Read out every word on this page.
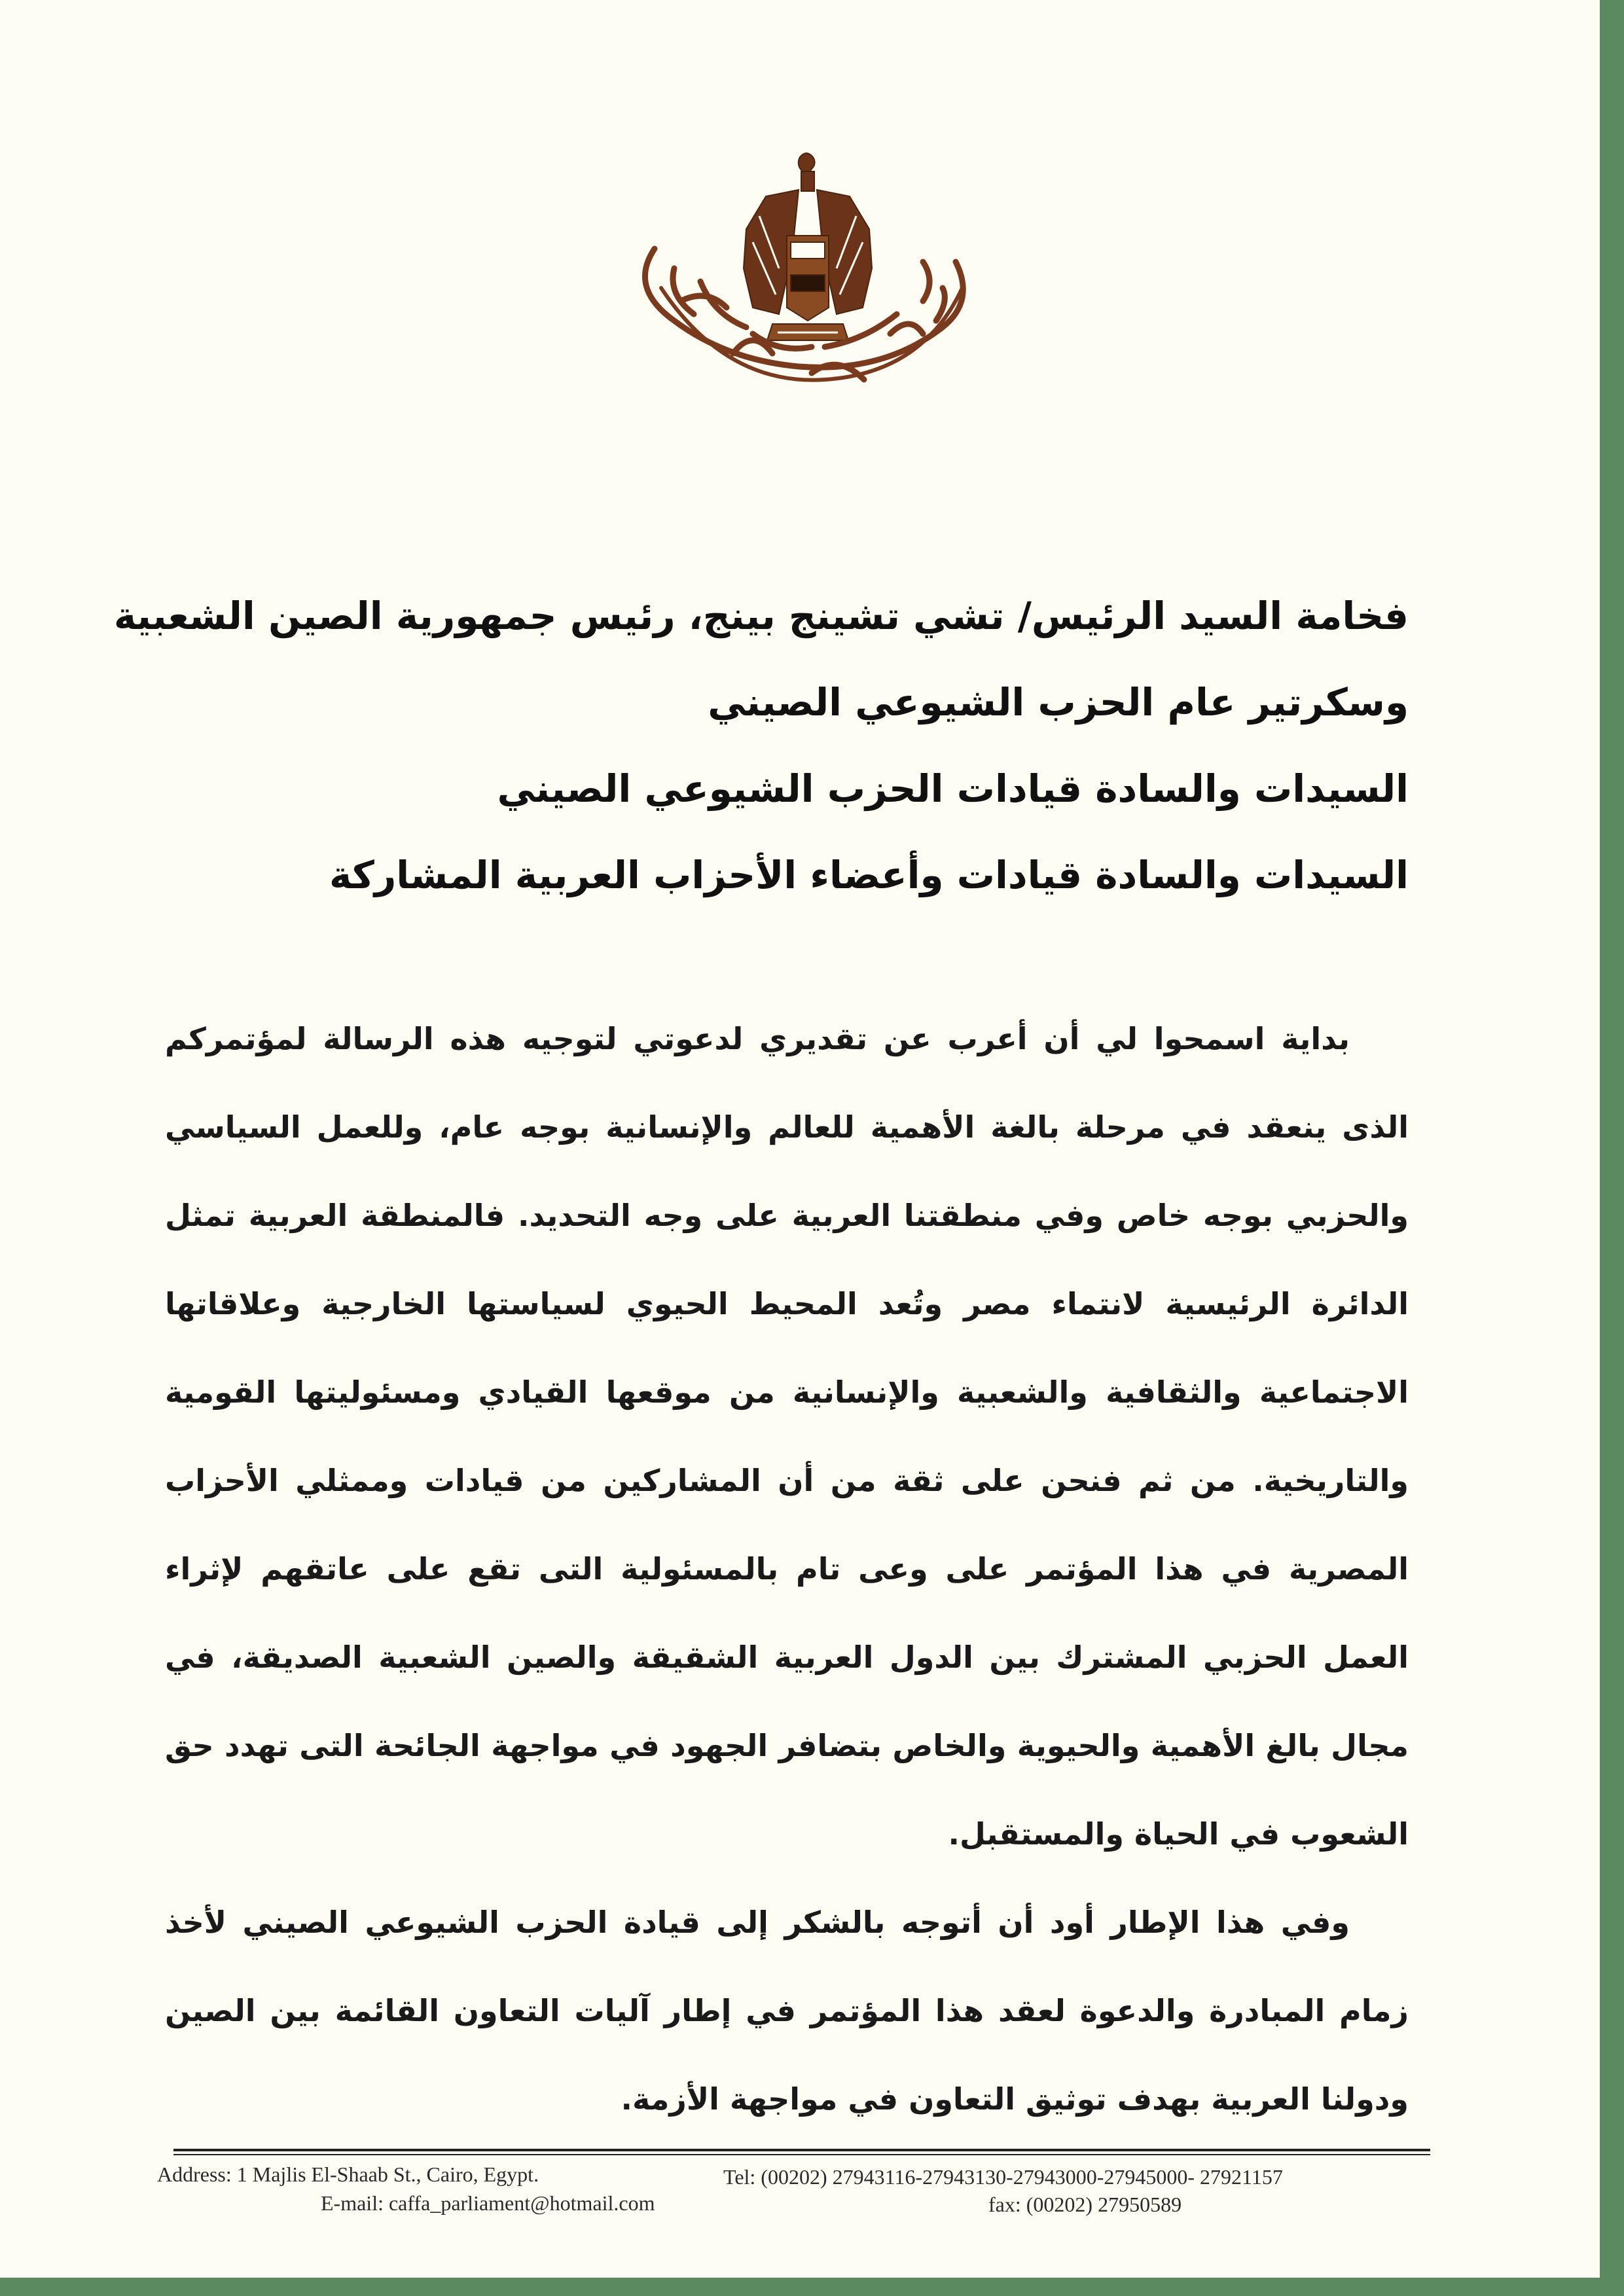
فخامة السيد الرئيس/ تشي تشينج بينج، رئيس جمهورية الصين الشعبية
وسكرتير عام الحزب الشيوعي الصيني
السيدات والسادة قيادات الحزب الشيوعي الصيني
السيدات والسادة قيادات وأعضاء الأحزاب العربية المشاركة

بداية اسمحوا لي أن أعرب عن تقديري لدعوتي لتوجيه هذه الرسالة لمؤتمركم الذى ينعقد في مرحلة بالغة الأهمية للعالم والإنسانية بوجه عام، وللعمل السياسي والحزبي بوجه خاص وفي منطقتنا العربية على وجه التحديد. فالمنطقة العربية تمثل الدائرة الرئيسية لانتماء مصر وتُعد المحيط الحيوي لسياستها الخارجية وعلاقاتها الاجتماعية والثقافية والشعبية والإنسانية من موقعها القيادي ومسئوليتها القومية والتاريخية. من ثم فنحن على ثقة من أن المشاركين من قيادات وممثلي الأحزاب المصرية في هذا المؤتمر على وعى تام بالمسئولية التى تقع على عاتقهم لإثراء العمل الحزبي المشترك بين الدول العربية الشقيقة والصين الشعبية الصديقة، في مجال بالغ الأهمية والحيوية والخاص بتضافر الجهود في مواجهة الجائحة التى تهدد حق الشعوب في الحياة والمستقبل.

وفي هذا الإطار أود أن أتوجه بالشكر إلى قيادة الحزب الشيوعي الصيني لأخذ زمام المبادرة والدعوة لعقد هذا المؤتمر في إطار آليات التعاون القائمة بين الصين ودولنا العربية بهدف توثيق التعاون في مواجهة الأزمة.

Address: 1 Majlis El-Shaab St., Cairo, Egypt.
E-mail: caffa_parliament@hotmail.com
Tel: (00202) 27943116-27943130-27943000-27945000- 27921157
fax: (00202) 27950589
